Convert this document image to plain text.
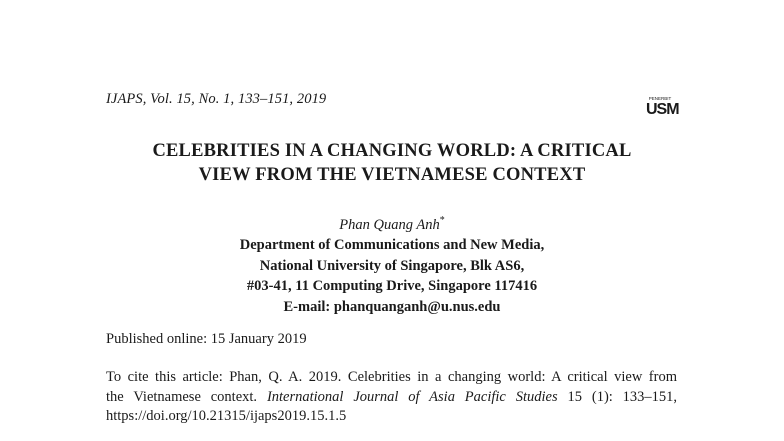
IJAPS, Vol. 15, No. 1, 133–151, 2019	PENERBIT
USM
CELEBRITIES IN A CHANGING WORLD: A CRITICAL
VIEW FROM THE VIETNAMESE CONTEXT
Phan Quang Anh*
Department of Communications and New Media,
National University of Singapore, Blk AS6,
#03-41, 11 Computing Drive, Singapore 117416
E-mail: phanquanganh@u.nus.edu
Published online: 15 January 2019
To cite this article: Phan, Q. A. 2019. Celebrities in a changing world: A critical view from
the Vietnamese context. International Journal of Asia Pacific Studies 15 (1): 133–151,
https://doi.org/10.21315/ijaps2019.15.1.5
